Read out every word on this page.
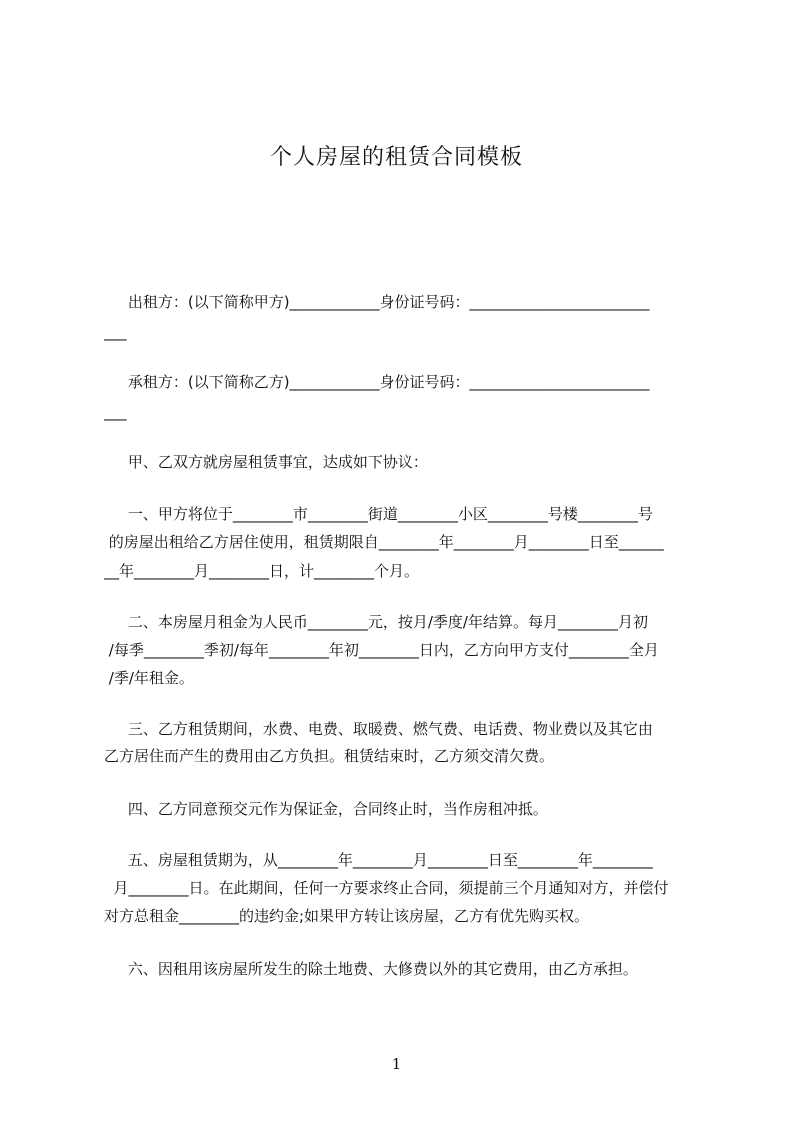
个人房屋的租赁合同模板
出租方：(以下简称甲方)____________身份证号码：________________________
___
承租方：(以下简称乙方)____________身份证号码：________________________
___
甲、乙双方就房屋租赁事宜，达成如下协议：
一、甲方将位于________市________街道________小区________号楼________号
的房屋出租给乙方居住使用，租赁期限自________年________月________日至______
__年________月________日，计________个月。
二、本房屋月租金为人民币________元，按月/季度/年结算。每月________月初
/每季________季初/每年________年初________日内，乙方向甲方支付________全月
/季/年租金。
三、乙方租赁期间，水费、电费、取暖费、燃气费、电话费、物业费以及其它由
乙方居住而产生的费用由乙方负担。租赁结束时，乙方须交清欠费。
四、乙方同意预交元作为保证金，合同终止时，当作房租冲抵。
五、房屋租赁期为，从________年________月________日至________年________
月________日。在此期间，任何一方要求终止合同，须提前三个月通知对方，并偿付
对方总租金________的违约金;如果甲方转让该房屋，乙方有优先购买权。
六、因租用该房屋所发生的除土地费、大修费以外的其它费用，由乙方承担。
1
